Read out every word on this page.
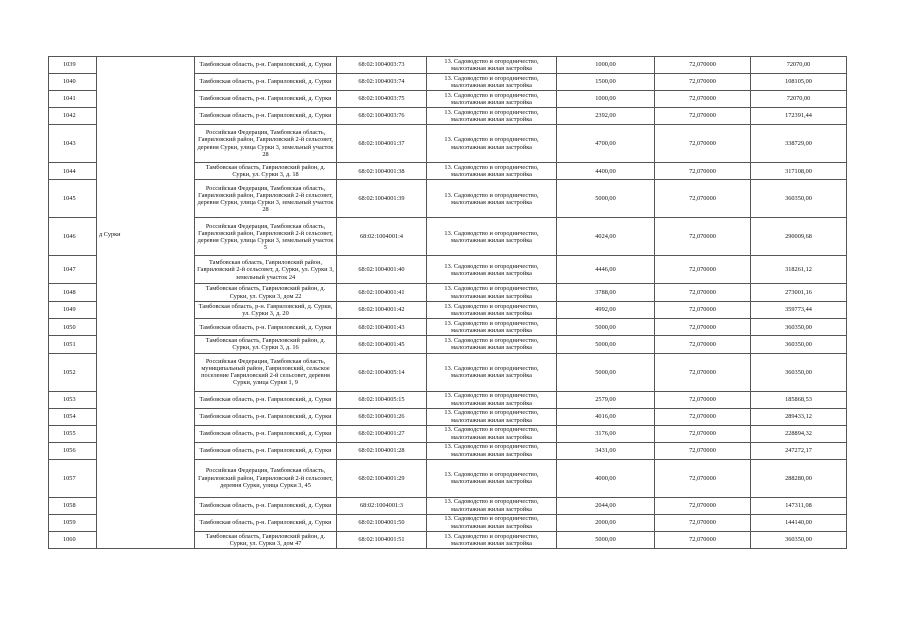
1039	д Сурки	Тамбовская область, р-н. Гавриловский, д. Сурки	68:02:1004003:73	13. Садоводство и огородничество, малоэтажная жилая застройка	1000,00	72,070000	72070,00
1040		Тамбовская область, р-н. Гавриловский, д. Сурки	68:02:1004003:74	13. Садоводство и огородничество, малоэтажная жилая застройка	1500,00	72,070000	108105,00
1041		Тамбовская область, р-н. Гавриловский, д. Сурки	68:02:1004003:75	13. Садоводство и огородничество, малоэтажная жилая застройка	1000,00	72,070000	72070,00
1042		Тамбовская область, р-н. Гавриловский, д. Сурки	68:02:1004003:76	13. Садоводство и огородничество, малоэтажная жилая застройка	2392,00	72,070000	172391,44
1043		Российская Федерация, Тамбовская область, Гавриловский район, Гавриловский 2-й сельсовет, деревня Сурки, улица Сурки 3, земельный участок 28	68:02:1004001:37	13. Садоводство и огородничество, малоэтажная жилая застройка	4700,00	72,070000	338729,00
1044		Тамбовская область, Гавриловский район, д. Сурки, ул. Сурки 3, д. 18	68:02:1004001:38	13. Садоводство и огородничество, малоэтажная жилая застройка	4400,00	72,070000	317108,00
1045		Российская Федерация, Тамбовская область, Гавриловский район, Гавриловский 2-й сельсовет, деревня Сурки, улица Сурки 3, земельный участок 28	68:02:1004001:39	13. Садоводство и огородничество, малоэтажная жилая застройка	5000,00	72,070000	360350,00
1046		Российская Федерация, Тамбовская область, Гавриловский район, Гавриловский 2-й сельсовет, деревня Сурки, улица Сурки 3, земельный участок 5	68:02:1004001:4	13. Садоводство и огородничество, малоэтажная жилая застройка	4024,00	72,070000	290009,68
1047		Тамбовская область, Гавриловский район, Гавриловский 2-й сельсовет, д. Сурки, ул. Сурки 3, земельный участок 24	68:02:1004001:40	13. Садоводство и огородничество, малоэтажная жилая застройка	4446,00	72,070000	318261,12
1048		Тамбовская область, Гавриловский район, д. Сурки, ул. Сурки 3, дом 22	68:02:1004001:41	13. Садоводство и огородничество, малоэтажная жилая застройка	3788,00	72,070000	273001,16
1049		Тамбовская область, р-н. Гавриловский, д. Сурки, ул. Сурки 3, д. 20	68:02:1004001:42	13. Садоводство и огородничество, малоэтажная жилая застройка	4992,00	72,070000	359773,44
1050		Тамбовская область, р-н. Гавриловский, д. Сурки	68:02:1004001:43	13. Садоводство и огородничество, малоэтажная жилая застройка	5000,00	72,070000	360350,00
1051		Тамбовская область, Гавриловский район, д. Сурки, ул. Сурки 3, д. 16	68:02:1004001:45	13. Садоводство и огородничество, малоэтажная жилая застройка	5000,00	72,070000	360350,00
1052		Российская Федерация, Тамбовская область, муниципальный район, Гавриловский, сельское поселение Гавриловский 2-й сельсовет, деревня Сурки, улица Сурки 1, 9	68:02:1004005:14	13. Садоводство и огородничество, малоэтажная жилая застройка	5000,00	72,070000	360350,00
1053		Тамбовская область, р-н. Гавриловский, д. Сурки	68:02:1004005:15	13. Садоводство и огородничество, малоэтажная жилая застройка	2579,00	72,070000	185868,53
1054		Тамбовская область, р-н. Гавриловский, д. Сурки	68:02:1004001:26	13. Садоводство и огородничество, малоэтажная жилая застройка	4016,00	72,070000	289433,12
1055		Тамбовская область, р-н. Гавриловский, д. Сурки	68:02:1004001:27	13. Садоводство и огородничество, малоэтажная жилая застройка	3176,00	72,070000	228894,32
1056		Тамбовская область, р-н. Гавриловский, д. Сурки	68:02:1004001:28	13. Садоводство и огородничество, малоэтажная жилая застройка	3431,00	72,070000	247272,17
1057		Российская Федерация, Тамбовская область, Гавриловский район, Гавриловский 2-й сельсовет, деревня Сурки, улица Сурки 3, 45	68:02:1004001:29	13. Садоводство и огородничество, малоэтажная жилая застройка	4000,00	72,070000	288280,00
1058		Тамбовская область, р-н. Гавриловский, д. Сурки	68:02:1004001:3	13. Садоводство и огородничество, малоэтажная жилая застройка	2044,00	72,070000	147311,08
1059		Тамбовская область, р-н. Гавриловский, д. Сурки	68:02:1004001:50	13. Садоводство и огородничество, малоэтажная жилая застройка	2000,00	72,070000	144140,00
1060		Тамбовская область, Гавриловский район, д. Сурки, ул. Сурки 3, дом 47	68:02:1004001:51	13. Садоводство и огородничество, малоэтажная жилая застройка	5000,00	72,070000	360350,00
